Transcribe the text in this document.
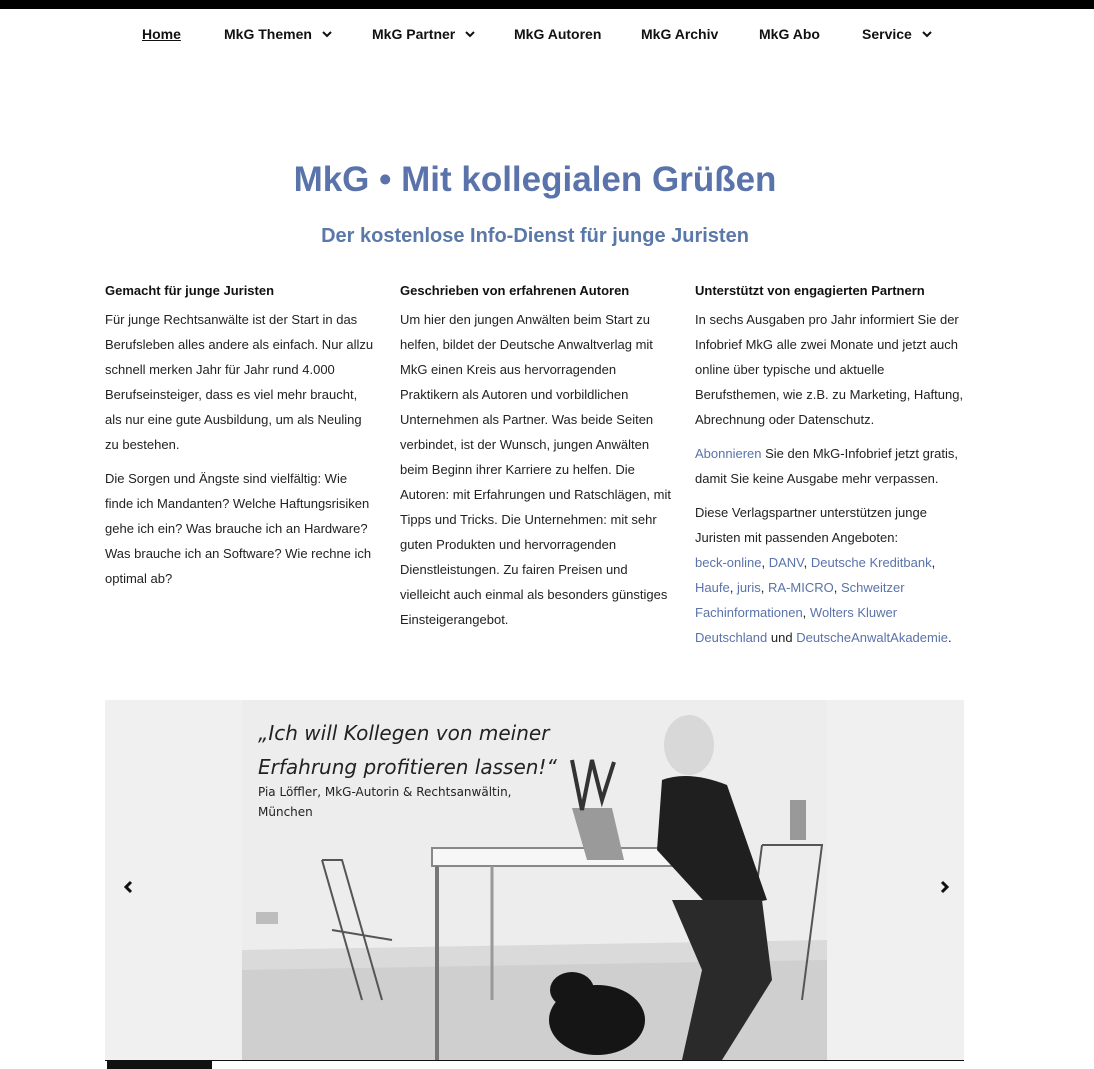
Home	MkG Themen	MkG Partner	MkG Autoren	MkG Archiv	MkG Abo	Service
MkG • Mit kollegialen Grüßen
Der kostenlose Info-Dienst für junge Juristen
Gemacht für junge Juristen

Für junge Rechtsanwälte ist der Start in das Berufsleben alles andere als einfach. Nur allzu schnell merken Jahr für Jahr rund 4.000 Berufseinsteiger, dass es viel mehr braucht, als nur eine gute Ausbildung, um als Neuling zu bestehen.

Die Sorgen und Ängste sind vielfältig: Wie finde ich Mandanten? Welche Haftungsrisiken gehe ich ein? Was brauche ich an Hardware? Was brauche ich an Software? Wie rechne ich optimal ab?

Geschrieben von erfahrenen Autoren

Um hier den jungen Anwälten beim Start zu helfen, bildet der Deutsche Anwaltverlag mit MkG einen Kreis aus hervorragenden Praktikern als Autoren und vorbildlichen Unternehmen als Partner. Was beide Seiten verbindet, ist der Wunsch, jungen Anwälten beim Beginn ihrer Karriere zu helfen. Die Autoren: mit Erfahrungen und Ratschlägen, mit Tipps und Tricks. Die Unternehmen: mit sehr guten Produkten und hervorragenden Dienstleistungen. Zu fairen Preisen und vielleicht auch einmal als besonders günstiges Einsteigerangebot.

Unterstützt von engagierten Partnern

In sechs Ausgaben pro Jahr informiert Sie der Infobrief MkG alle zwei Monate und jetzt auch online über typische und aktuelle Berufsthemen, wie z.B. zu Marketing, Haftung, Abrechnung oder Datenschutz.

Abonnieren Sie den MkG-Infobrief jetzt gratis, damit Sie keine Ausgabe mehr verpassen.

Diese Verlagspartner unterstützen junge Juristen mit passenden Angeboten:
beck-online, DANV, Deutsche Kreditbank, Haufe, juris, RA-MICRO, Schweitzer Fachinformationen, Wolters Kluwer Deutschland und DeutscheAnwaltAkademie.

„Ich will Kollegen von meiner
Erfahrung profitieren lassen!“
Pia Löffler, MkG-Autorin & Rechtsanwältin,
München
